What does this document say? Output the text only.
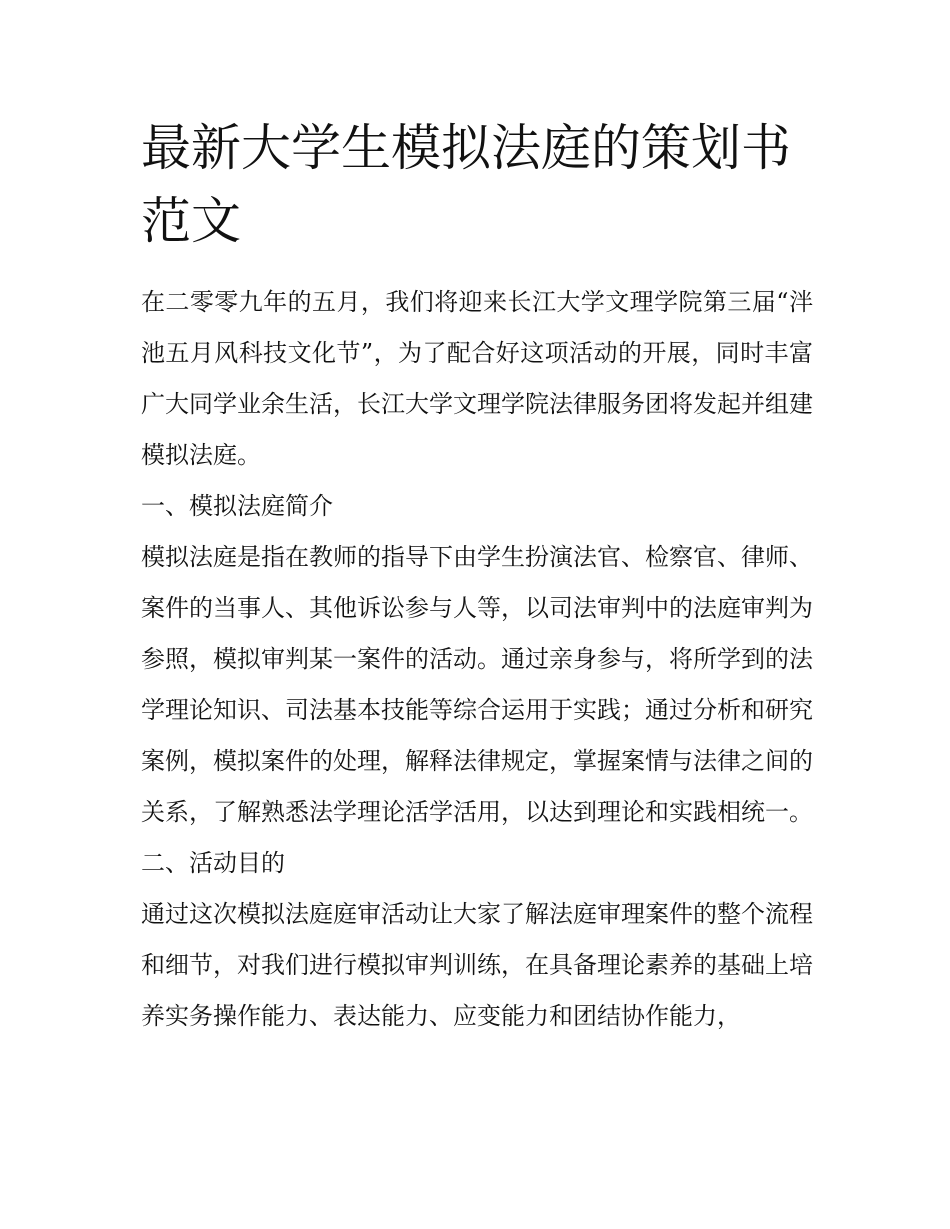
最新大学生模拟法庭的策划书范文

在二零零九年的五月，我们将迎来长江大学文理学院第三届“泮池五月风科技文化节”，为了配合好这项活动的开展，同时丰富广大同学业余生活，长江大学文理学院法律服务团将发起并组建模拟法庭。

一、模拟法庭简介

模拟法庭是指在教师的指导下由学生扮演法官、检察官、律师、案件的当事人、其他诉讼参与人等，以司法审判中的法庭审判为参照，模拟审判某一案件的活动。通过亲身参与，将所学到的法学理论知识、司法基本技能等综合运用于实践；通过分析和研究案例，模拟案件的处理，解释法律规定，掌握案情与法律之间的关系，了解熟悉法学理论活学活用，以达到理论和实践相统一。

二、活动目的

通过这次模拟法庭庭审活动让大家了解法庭审理案件的整个流程和细节，对我们进行模拟审判训练，在具备理论素养的基础上培养实务操作能力、表达能力、应变能力和团结协作能力，
